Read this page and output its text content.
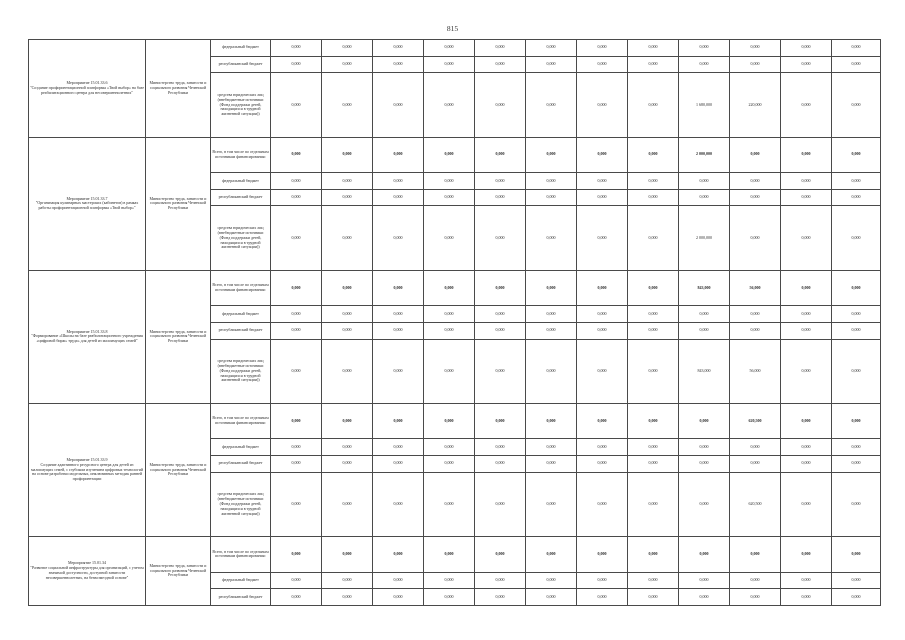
815
Мероприятие 15.01.33.6
"Создание профориентационной платформы «Твой выбор» на базе реабилитационного центра для несовершеннолетних"	Министерство труда, занятости и социального развития Чеченской Республики	федеральный бюджет	0,000	0,000	0,000	0,000	0,000	0,000	0,000	0,000	0,000	0,000	0,000	0,000
		республиканский бюджет	0,000	0,000	0,000	0,000	0,000	0,000	0,000	0,000	0,000	0,000	0,000	0,000
		средства юридических лиц (внебюджетные источники (Фонд поддержки детей, находящихся в трудной жизненной ситуации))	0,000	0,000	0,000	0,000	0,000	0,000	0,000	0,000	1 680,000	220,000	0,000	0,000
Мероприятие 15.01.33.7
"Организация кулинарных мастерских (кабинетов) в рамках работы профориентационной платформы «Твой выбор»"	Министерство труда, занятости и социального развития Чеченской Республики	Всего, в том числе по отдельным источникам финансирования:	0,000	0,000	0,000	0,000	0,000	0,000	0,000	0,000	2 000,000	0,000	0,000	0,000
		федеральный бюджет	0,000	0,000	0,000	0,000	0,000	0,000	0,000	0,000	0,000	0,000	0,000	0,000
		республиканский бюджет	0,000	0,000	0,000	0,000	0,000	0,000	0,000	0,000	0,000	0,000	0,000	0,000
		средства юридических лиц (внебюджетные источники (Фонд поддержки детей, находящихся в трудной жизненной ситуации))	0,000	0,000	0,000	0,000	0,000	0,000	0,000	0,000	2 000,000	0,000	0,000	0,000
Мероприятие 15.01.33.8
"Формирование «Школы на базе реабилитационного учреждения «цифровой бирж» труда» для детей из малоимущих семей"	Министерство труда, занятости и социального развития Чеченской Республики	Всего, в том числе по отдельным источникам финансирования:	0,000	0,000	0,000	0,000	0,000	0,000	0,000	0,000	843,000	56,000	0,000	0,000
		федеральный бюджет	0,000	0,000	0,000	0,000	0,000	0,000	0,000	0,000	0,000	0,000	0,000	0,000
		республиканский бюджет	0,000	0,000	0,000	0,000	0,000	0,000	0,000	0,000	0,000	0,000	0,000	0,000
		средства юридических лиц (внебюджетные источники (Фонд поддержки детей, находящихся в трудной жизненной ситуации))	0,000	0,000	0,000	0,000	0,000	0,000	0,000	0,000	843,000	56,000	0,000	0,000
Мероприятие 15.01.33.9
Создание адаптивного ресурсного центра для детей из малоимущих семей, с глубоким изучением цифровых технологий на основе разработки модельных, инклюзивных методик ранней профориентации	Министерство труда, занятости и социального развития Чеченской Республики	Всего, в том числе по отдельным источникам финансирования:	0,000	0,000	0,000	0,000	0,000	0,000	0,000	0,000	0,000	620,500	0,000	0,000
		федеральный бюджет	0,000	0,000	0,000	0,000	0,000	0,000	0,000	0,000	0,000	0,000	0,000	0,000
		республиканский бюджет	0,000	0,000	0,000	0,000	0,000	0,000	0,000	0,000	0,000	0,000	0,000	0,000
		средства юридических лиц (внебюджетные источники (Фонд поддержки детей, находящихся в трудной жизненной ситуации))	0,000	0,000	0,000	0,000	0,000	0,000	0,000	0,000	0,000	620,500	0,000	0,000
Мероприятие 15.01.34
"Развитие социальной инфраструктуры для организаций, с учетом значимой доступности, доступной занятости несовершеннолетних, на безвозмездной основе"	Министерство труда, занятости и социального развития Чеченской Республики	Всего, в том числе по отдельным источникам финансирования:	0,000	0,000	0,000	0,000	0,000	0,000	0,000	0,000	0,000	0,000	0,000	0,000
		федеральный бюджет	0,000	0,000	0,000	0,000	0,000	0,000	0,000	0,000	0,000	0,000	0,000	0,000
		республиканский бюджет	0,000	0,000	0,000	0,000	0,000	0,000	0,000	0,000	0,000	0,000	0,000	0,000
